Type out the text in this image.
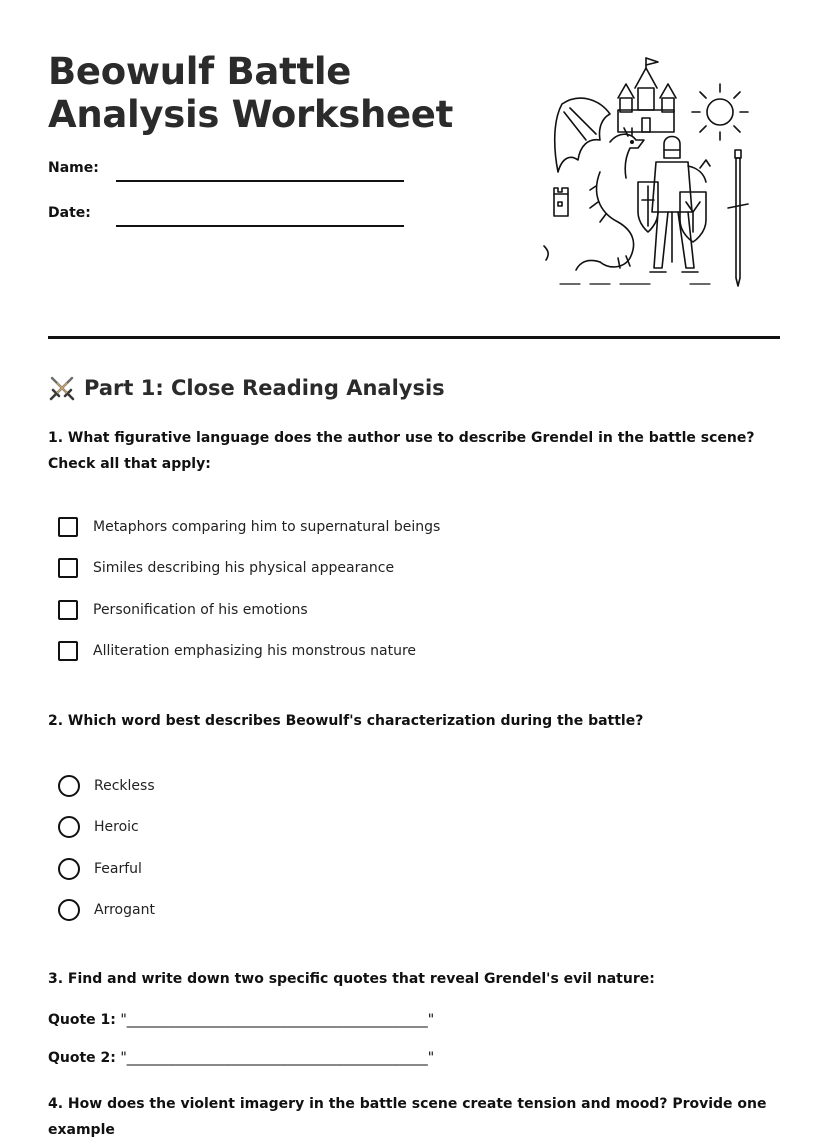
Beowulf Battle Analysis Worksheet
Name:
Date:
Part 1: Close Reading Analysis

1. What figurative language does the author use to describe Grendel in the battle scene? Check all that apply:

Metaphors comparing him to supernatural beings
Similes describing his physical appearance
Personification of his emotions
Alliteration emphasizing his monstrous nature

2. Which word best describes Beowulf's characterization during the battle?

Reckless
Heroic
Fearful
Arrogant

3. Find and write down two specific quotes that reveal Grendel's evil nature:

Quote 1: "___________________________________________"
Quote 2: "___________________________________________"

4. How does the violent imagery in the battle scene create tension and mood? Provide one example
